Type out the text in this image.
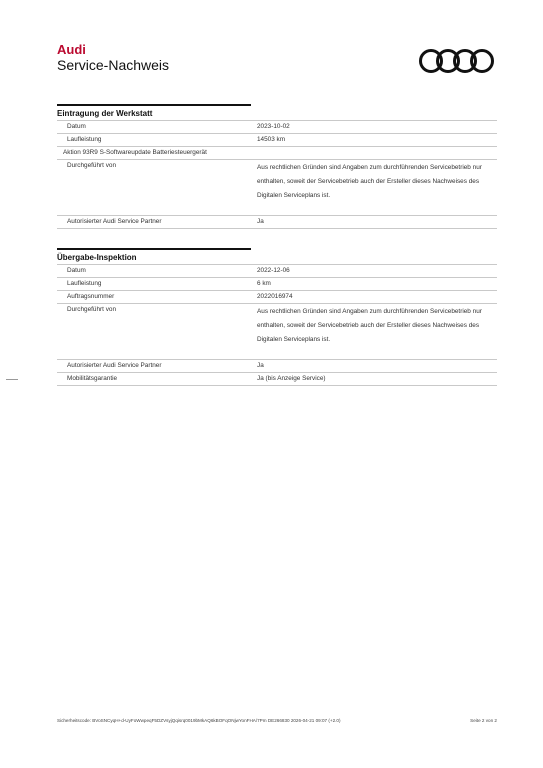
Audi
Service-Nachweis
Eintragung der Werkstatt
Datum	2023-10-02
Laufleistung	14503 km
Aktion 93R9 S-Softwareupdate Batteriesteuergerät
Durchgeführt von	Aus rechtlichen Gründen sind Angaben zum durchführenden Servicebetrieb nur enthalten, soweit der Servicebetrieb auch der Ersteller dieses Nachweises des Digitalen Serviceplans ist.
Autorisierter Audi Service Partner	Ja
Übergabe-Inspektion
Datum	2022-12-06
Laufleistung	6 km
Auftragsnummer	2022016974
Durchgeführt von	Aus rechtlichen Gründen sind Angaben zum durchführenden Servicebetrieb nur enthalten, soweit der Servicebetrieb auch der Ersteller dieses Nachweises des Digitalen Serviceplans ist.
Autorisierter Audi Service Partner	Ja
Mobilitätsgarantie	Ja (bis Anzeige Service)
Sicherheitscode: BVoSNCyqH+d-UyFoWwpeqF5DZVsyjQqisrq0019bMkAQ6kBOFqONjwYonFHA/7Pm DE266830 2026-04-21 09:07 (+2.0)	Seite 2 von 2
